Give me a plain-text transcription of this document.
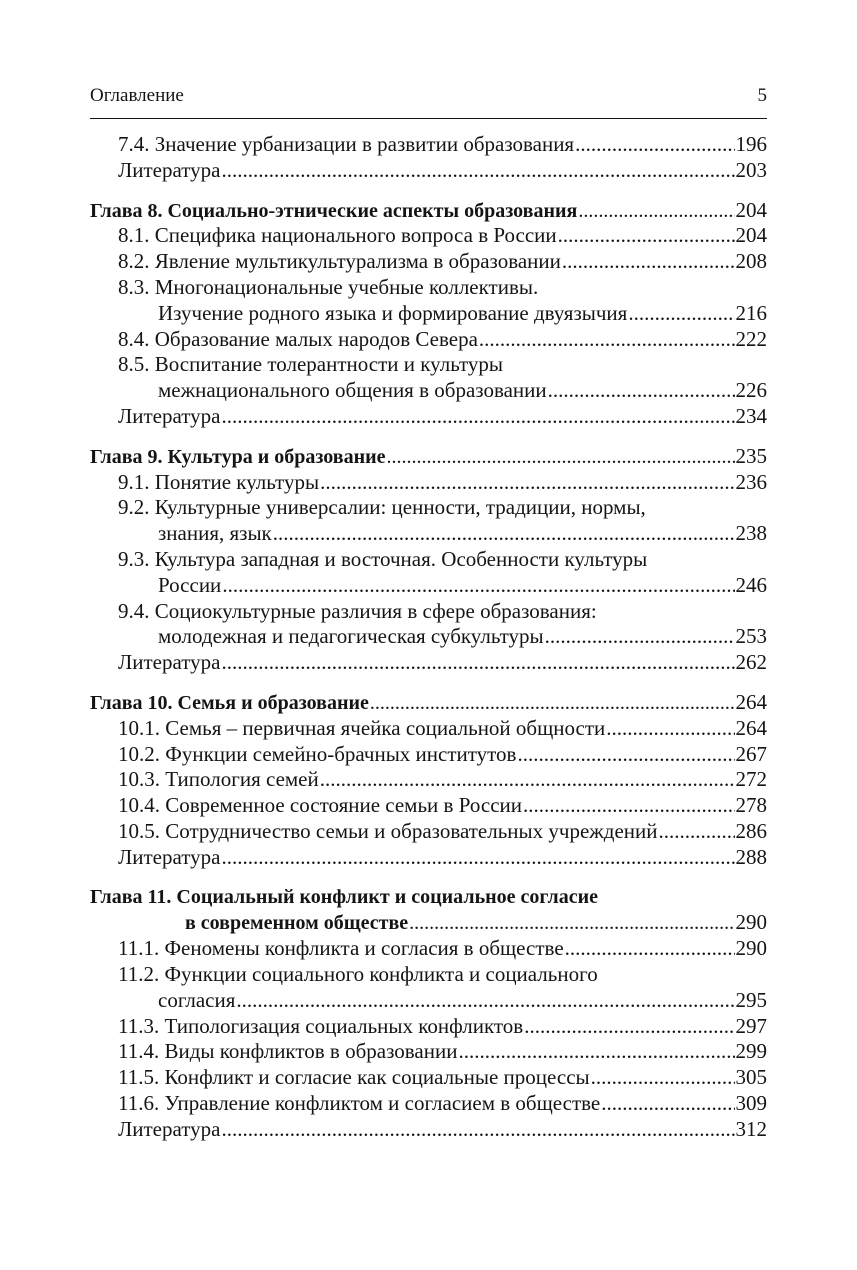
Оглавление	5
7.4. Значение урбанизации в развитии образования .....	196
Литература .....	203
Глава 8. Социально-этнические аспекты образования .....	204
8.1. Специфика национального вопроса в России .....	204
8.2. Явление мультикультурализма в образовании .....	208
8.3. Многонациональные учебные коллективы.
Изучение родного языка и формирование двуязычия .....	216
8.4. Образование малых народов Севера .....	222
8.5. Воспитание толерантности и культуры
межнационального общения в образовании .....	226
Литература .....	234
Глава 9. Культура и образование .....	235
9.1. Понятие культуры .....	236
9.2. Культурные универсалии: ценности, традиции, нормы,
знания, язык .....	238
9.3. Культура западная и восточная. Особенности культуры
России .....	246
9.4. Социокультурные различия в сфере образования:
молодежная и педагогическая субкультуры .....	253
Литература .....	262
Глава 10. Семья и образование .....	264
10.1. Семья – первичная ячейка социальной общности .....	264
10.2. Функции семейно-брачных институтов .....	267
10.3. Типология семей .....	272
10.4. Современное состояние семьи в России .....	278
10.5. Сотрудничество семьи и образовательных учреждений .....	286
Литература .....	288
Глава 11. Социальный конфликт и социальное согласие
в современном обществе .....	290
11.1. Феномены конфликта и согласия в обществе .....	290
11.2. Функции социального конфликта и социального
согласия .....	295
11.3. Типологизация социальных конфликтов .....	297
11.4. Виды конфликтов в образовании .....	299
11.5. Конфликт и согласие как социальные процессы .....	305
11.6. Управление конфликтом и согласием в обществе .....	309
Литература .....	312
